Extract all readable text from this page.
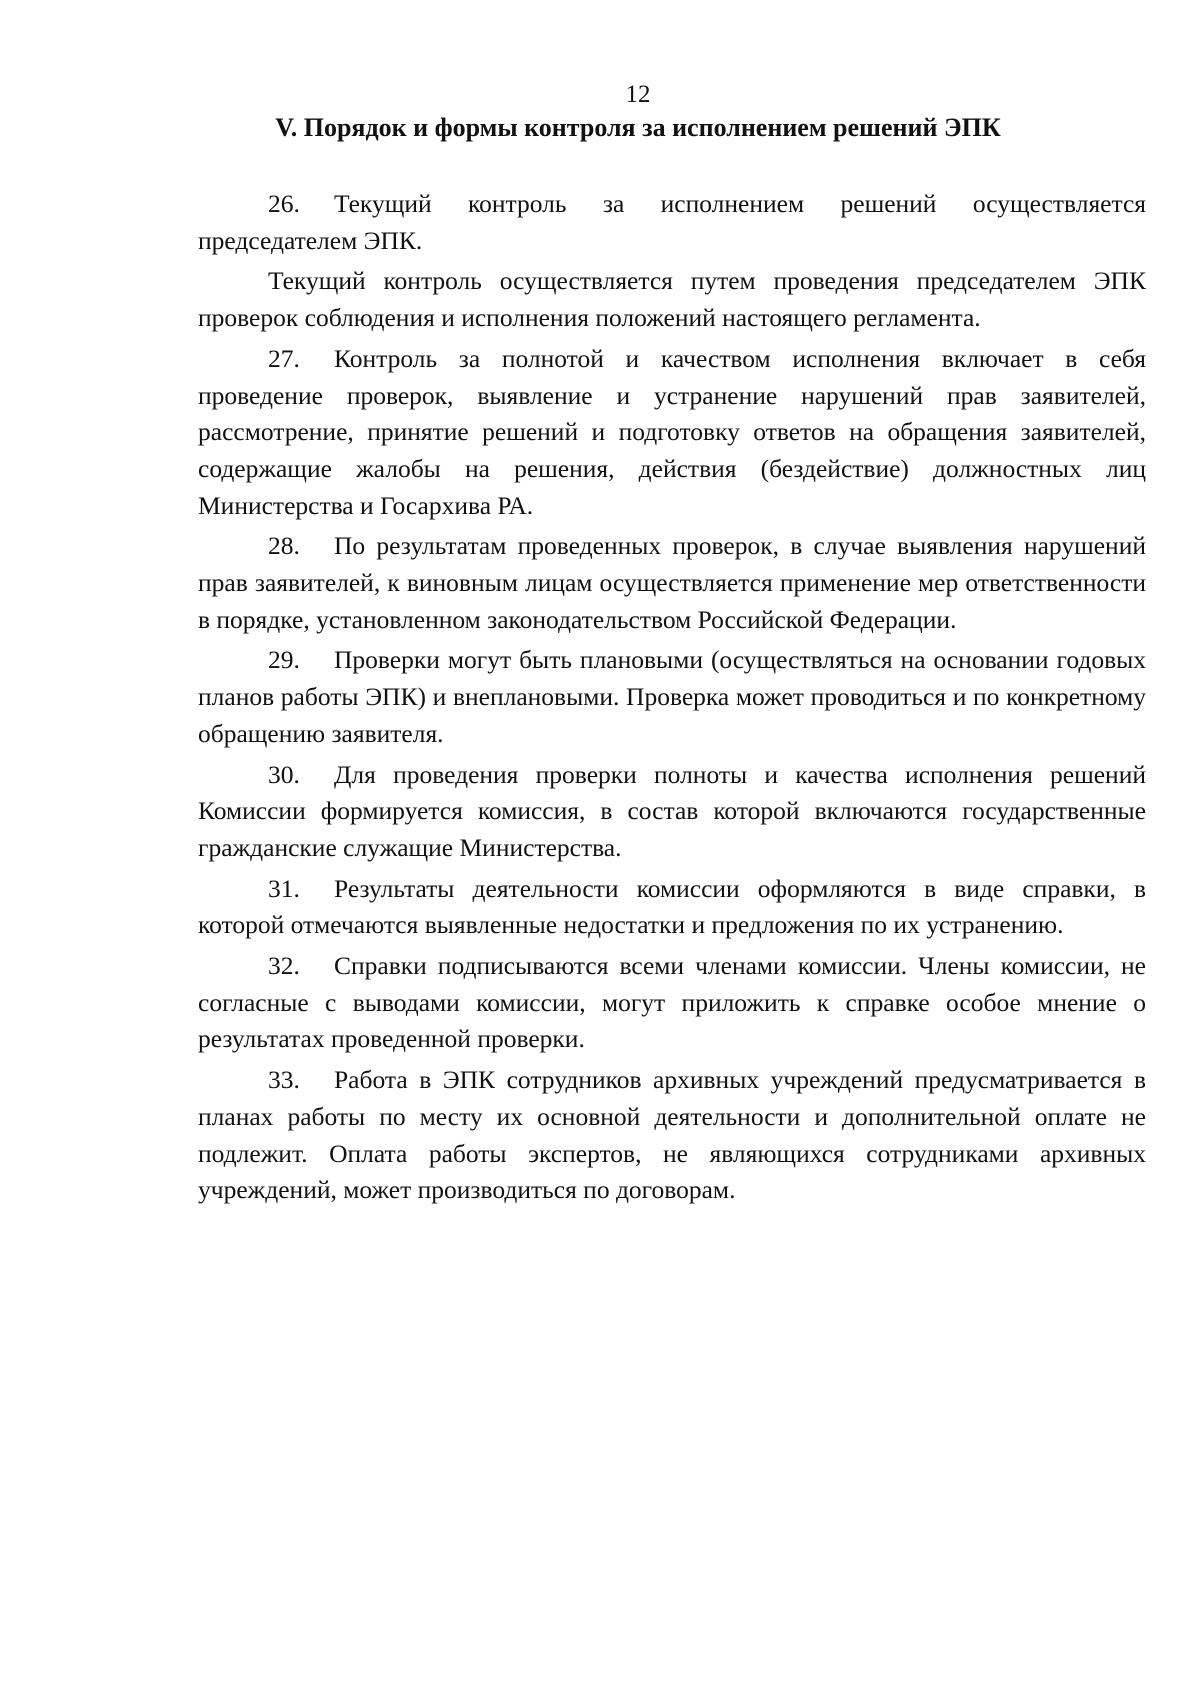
12
V. Порядок и формы контроля за исполнением решений ЭПК

26. Текущий контроль за исполнением решений осуществляется председателем ЭПК.

Текущий контроль осуществляется путем проведения председателем ЭПК проверок соблюдения и исполнения положений настоящего регламента.

27. Контроль за полнотой и качеством исполнения включает в себя проведение проверок, выявление и устранение нарушений прав заявителей, рассмотрение, принятие решений и подготовку ответов на обращения заявителей, содержащие жалобы на решения, действия (бездействие) должностных лиц Министерства и Госархива РА.

28. По результатам проведенных проверок, в случае выявления нарушений прав заявителей, к виновным лицам осуществляется применение мер ответственности в порядке, установленном законодательством Российской Федерации.

29. Проверки могут быть плановыми (осуществляться на основании годовых планов работы ЭПК) и внеплановыми. Проверка может проводиться и по конкретному обращению заявителя.

30. Для проведения проверки полноты и качества исполнения решений Комиссии формируется комиссия, в состав которой включаются государственные гражданские служащие Министерства.

31. Результаты деятельности комиссии оформляются в виде справки, в которой отмечаются выявленные недостатки и предложения по их устранению.

32. Справки подписываются всеми членами комиссии. Члены комиссии, не согласные с выводами комиссии, могут приложить к справке особое мнение о результатах проведенной проверки.

33. Работа в ЭПК сотрудников архивных учреждений предусматривается в планах работы по месту их основной деятельности и дополнительной оплате не подлежит. Оплата работы экспертов, не являющихся сотрудниками архивных учреждений, может производиться по договорам.
